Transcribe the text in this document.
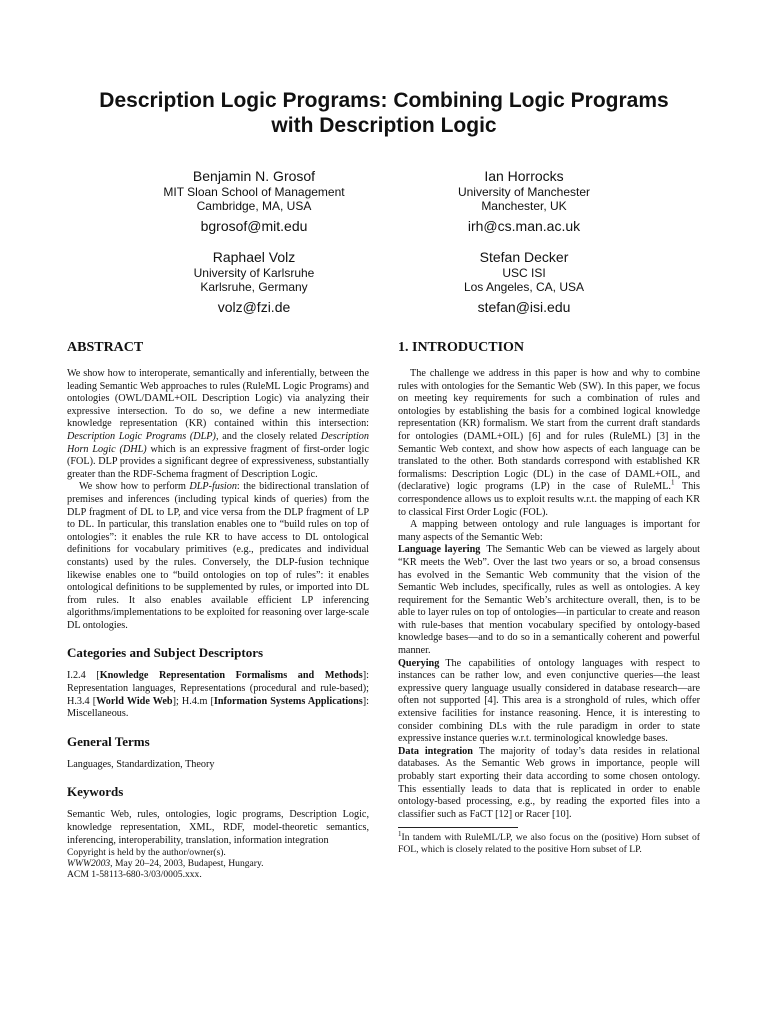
Description Logic Programs: Combining Logic Programs
with Description Logic
Benjamin N. Grosof
MIT Sloan School of Management
Cambridge, MA, USA
bgrosof@mit.edu
Ian Horrocks
University of Manchester
Manchester, UK
irh@cs.man.ac.uk
Raphael Volz
University of Karlsruhe
Karlsruhe, Germany
volz@fzi.de
Stefan Decker
USC ISI
Los Angeles, CA, USA
stefan@isi.edu
ABSTRACT

We show how to interoperate, semantically and inferentially, between the leading Semantic Web approaches to rules (RuleML Logic Programs) and ontologies (OWL/DAML+OIL Description Logic) via analyzing their expressive intersection. To do so, we define a new intermediate knowledge representation (KR) contained within this intersection: Description Logic Programs (DLP), and the closely related Description Horn Logic (DHL) which is an expressive fragment of first-order logic (FOL). DLP provides a significant degree of expressiveness, substantially greater than the RDF-Schema fragment of Description Logic.

We show how to perform DLP-fusion: the bidirectional translation of premises and inferences (including typical kinds of queries) from the DLP fragment of DL to LP, and vice versa from the DLP fragment of LP to DL. In particular, this translation enables one to “build rules on top of ontologies”: it enables the rule KR to have access to DL ontological definitions for vocabulary primitives (e.g., predicates and individual constants) used by the rules. Conversely, the DLP-fusion technique likewise enables one to “build ontologies on top of rules”: it enables ontological definitions to be supplemented by rules, or imported into DL from rules. It also enables available efficient LP inferencing algorithms/implementations to be exploited for reasoning over large-scale DL ontologies.

Categories and Subject Descriptors

I.2.4 [Knowledge Representation Formalisms and Methods]: Representation languages, Representations (procedural and rule-based); H.3.4 [World Wide Web]; H.4.m [Information Systems Applications]: Miscellaneous.

General Terms

Languages, Standardization, Theory

Keywords

Semantic Web, rules, ontologies, logic programs, Description Logic, knowledge representation, XML, RDF, model-theoretic semantics, inferencing, interoperability, translation, information integration

Copyright is held by the author/owner(s).
WWW2003, May 20–24, 2003, Budapest, Hungary.
ACM 1-58113-680-3/03/0005.xxx.
1. INTRODUCTION

The challenge we address in this paper is how and why to combine rules with ontologies for the Semantic Web (SW). In this paper, we focus on meeting key requirements for such a combination of rules and ontologies by establishing the basis for a combined logical knowledge representation (KR) formalism. We start from the current draft standards for ontologies (DAML+OIL) [6] and for rules (RuleML) [3] in the Semantic Web context, and show how aspects of each language can be translated to the other. Both standards correspond with established KR formalisms: Description Logic (DL) in the case of DAML+OIL, and (declarative) logic programs (LP) in the case of RuleML.$^1$ This correspondence allows us to exploit results w.r.t. the mapping of each KR to classical First Order Logic (FOL).

A mapping between ontology and rule languages is important for many aspects of the Semantic Web:

Language layering The Semantic Web can be viewed as largely about “KR meets the Web”. Over the last two years or so, a broad consensus has evolved in the Semantic Web community that the vision of the Semantic Web includes, specifically, rules as well as ontologies. A key requirement for the Semantic Web’s architecture overall, then, is to be able to layer rules on top of ontologies—in particular to create and reason with rule-bases that mention vocabulary specified by ontology-based knowledge bases—and to do so in a semantically coherent and powerful manner.

Querying The capabilities of ontology languages with respect to instances can be rather low, and even conjunctive queries—the least expressive query language usually considered in database research—are often not supported [4]. This area is a stronghold of rules, which offer extensive facilities for instance reasoning. Hence, it is interesting to consider combining DLs with the rule paradigm in order to state expressive instance queries w.r.t. terminological knowledge bases.

Data integration The majority of today’s data resides in relational databases. As the Semantic Web grows in importance, people will probably start exporting their data according to some chosen ontology. This essentially leads to data that is replicated in order to enable ontology-based processing, e.g., by reading the exported files into a classifier such as FaCT [12] or Racer [10].

$^1$In tandem with RuleML/LP, we also focus on the (positive) Horn subset of FOL, which is closely related to the positive Horn subset of LP.
